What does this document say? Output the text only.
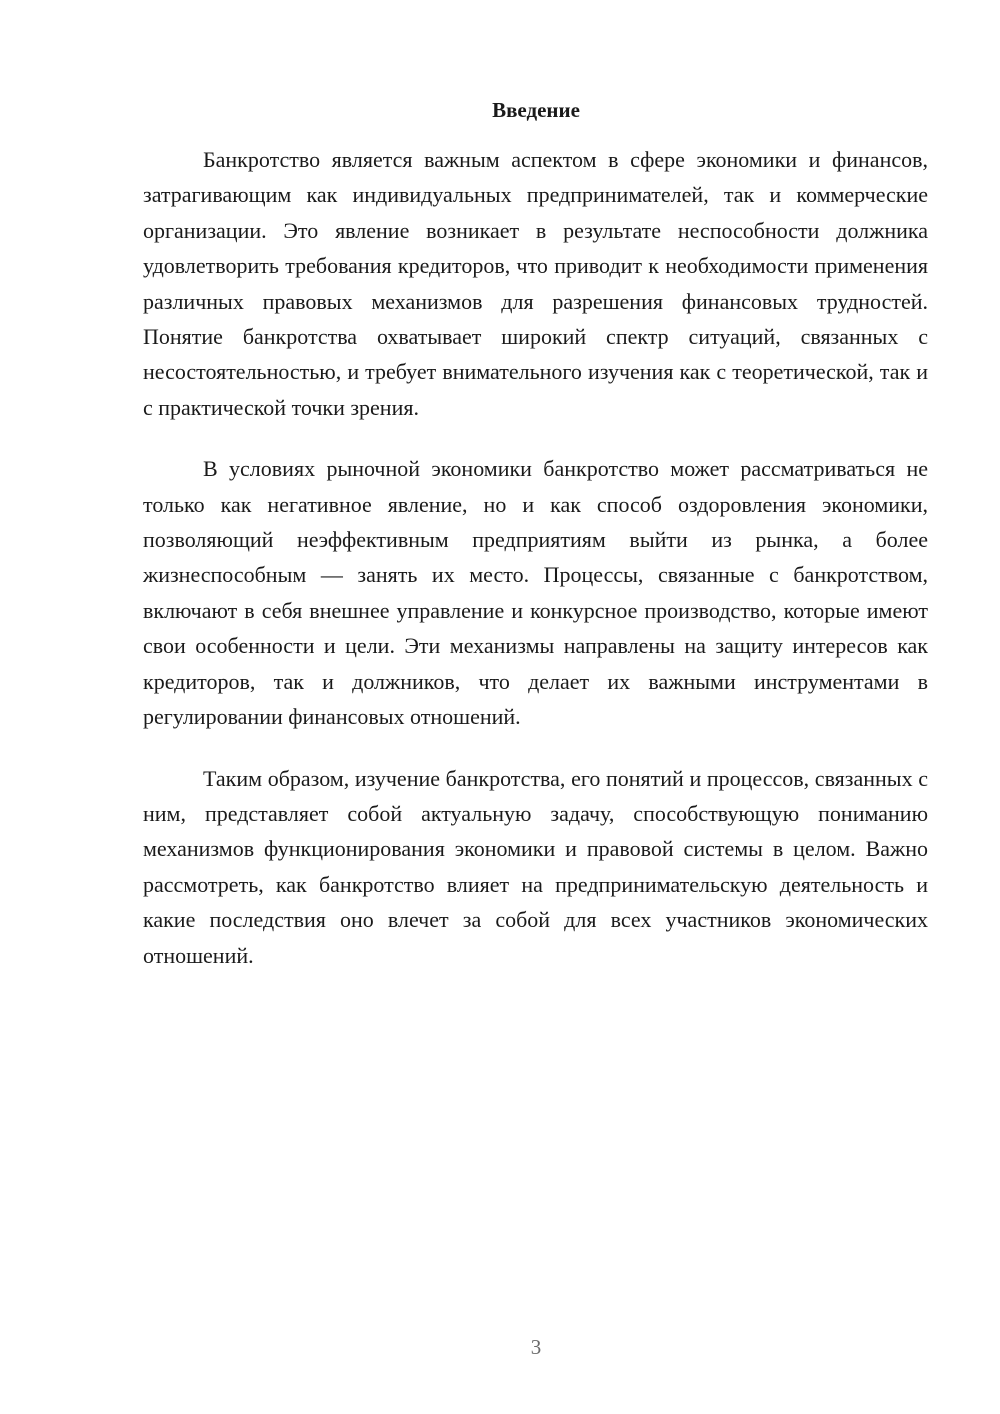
Введение

Банкротство является важным аспектом в сфере экономики и финансов, затрагивающим как индивидуальных предпринимателей, так и коммерческие организации. Это явление возникает в результате неспособности должника удовлетворить требования кредиторов, что приводит к необходимости применения различных правовых механизмов для разрешения финансовых трудностей. Понятие банкротства охватывает широкий спектр ситуаций, связанных с несостоятельностью, и требует внимательного изучения как с теоретической, так и с практической точки зрения.

В условиях рыночной экономики банкротство может рассматриваться не только как негативное явление, но и как способ оздоровления экономики, позволяющий неэффективным предприятиям выйти из рынка, а более жизнеспособным — занять их место. Процессы, связанные с банкротством, включают в себя внешнее управление и конкурсное производство, которые имеют свои особенности и цели. Эти механизмы направлены на защиту интересов как кредиторов, так и должников, что делает их важными инструментами в регулировании финансовых отношений.

Таким образом, изучение банкротства, его понятий и процессов, связанных с ним, представляет собой актуальную задачу, способствующую пониманию механизмов функционирования экономики и правовой системы в целом. Важно рассмотреть, как банкротство влияет на предпринимательскую деятельность и какие последствия оно влечет за собой для всех участников экономических отношений.

3
